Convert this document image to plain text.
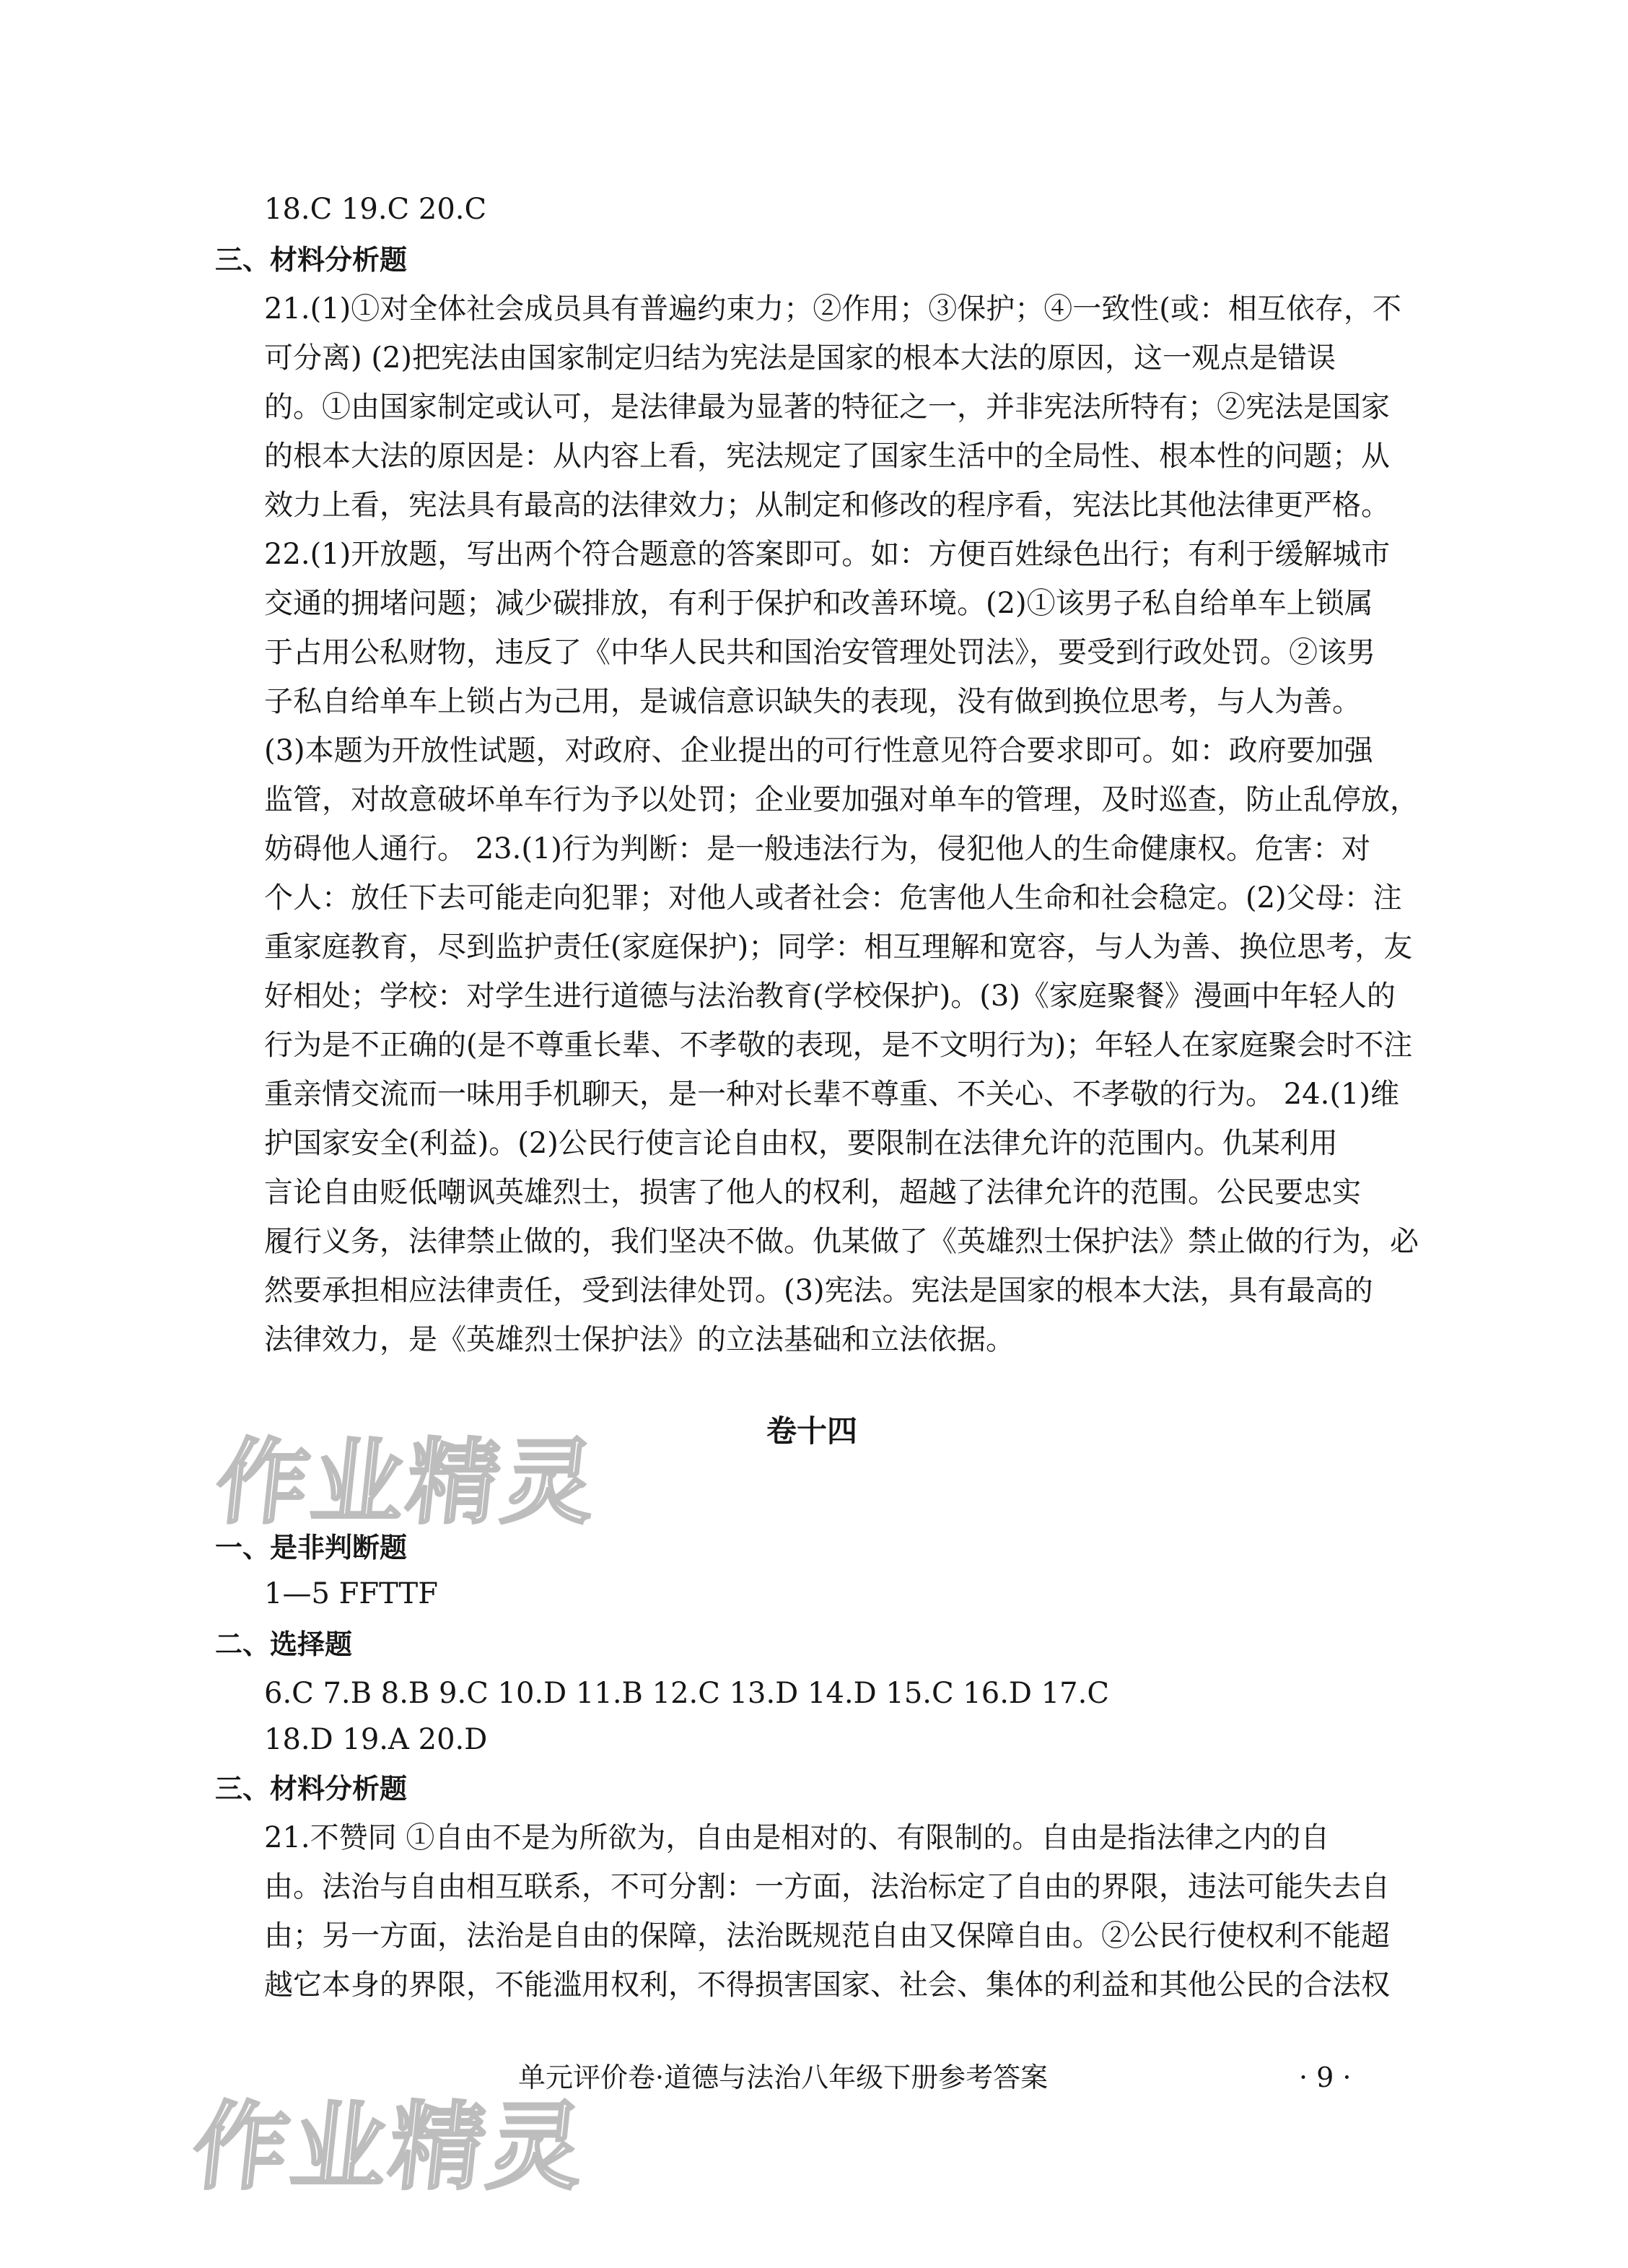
18.C 19.C 20.C
三、材料分析题
21.(1)①对全体社会成员具有普遍约束力；②作用；③保护；④一致性(或：相互依存，不
可分离) (2)把宪法由国家制定归结为宪法是国家的根本大法的原因，这一观点是错误
的。①由国家制定或认可，是法律最为显著的特征之一，并非宪法所特有；②宪法是国家
的根本大法的原因是：从内容上看，宪法规定了国家生活中的全局性、根本性的问题；从
效力上看，宪法具有最高的法律效力；从制定和修改的程序看，宪法比其他法律更严格。
22.(1)开放题，写出两个符合题意的答案即可。如：方便百姓绿色出行；有利于缓解城市
交通的拥堵问题；减少碳排放，有利于保护和改善环境。(2)①该男子私自给单车上锁属
于占用公私财物，违反了《中华人民共和国治安管理处罚法》，要受到行政处罚。②该男
子私自给单车上锁占为己用，是诚信意识缺失的表现，没有做到换位思考，与人为善。
(3)本题为开放性试题，对政府、企业提出的可行性意见符合要求即可。如：政府要加强
监管，对故意破坏单车行为予以处罚；企业要加强对单车的管理，及时巡查，防止乱停放，
妨碍他人通行。 23.(1)行为判断：是一般违法行为，侵犯他人的生命健康权。危害：对
个人：放任下去可能走向犯罪；对他人或者社会：危害他人生命和社会稳定。(2)父母：注
重家庭教育，尽到监护责任(家庭保护)；同学：相互理解和宽容，与人为善、换位思考，友
好相处；学校：对学生进行道德与法治教育(学校保护)。(3)《家庭聚餐》漫画中年轻人的
行为是不正确的(是不尊重长辈、不孝敬的表现，是不文明行为)；年轻人在家庭聚会时不注
重亲情交流而一味用手机聊天，是一种对长辈不尊重、不关心、不孝敬的行为。 24.(1)维
护国家安全(利益)。(2)公民行使言论自由权，要限制在法律允许的范围内。仇某利用
言论自由贬低嘲讽英雄烈士，损害了他人的权利，超越了法律允许的范围。公民要忠实
履行义务，法律禁止做的，我们坚决不做。仇某做了《英雄烈士保护法》禁止做的行为，必
然要承担相应法律责任，受到法律处罚。(3)宪法。宪法是国家的根本大法，具有最高的
法律效力，是《英雄烈士保护法》的立法基础和立法依据。
卷十四
作业精灵
一、是非判断题
1—5 FFTTF
二、选择题
6.C 7.B 8.B 9.C 10.D 11.B 12.C 13.D 14.D 15.C 16.D 17.C
18.D 19.A 20.D
三、材料分析题
21.不赞同 ①自由不是为所欲为，自由是相对的、有限制的。自由是指法律之内的自
由。法治与自由相互联系，不可分割：一方面，法治标定了自由的界限，违法可能失去自
由；另一方面，法治是自由的保障，法治既规范自由又保障自由。②公民行使权利不能超
越它本身的界限，不能滥用权利，不得损害国家、社会、集体的利益和其他公民的合法权
单元评价卷·道德与法治八年级下册参考答案	· 9 ·
作业精灵
